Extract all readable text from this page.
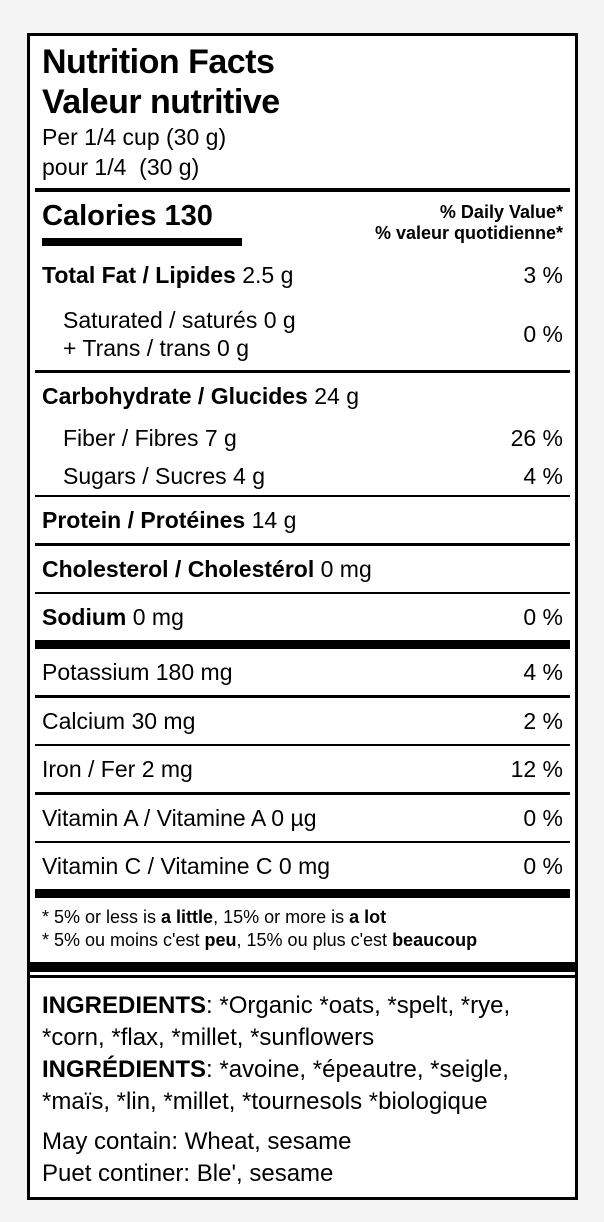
Nutrition Facts
Valeur nutritive
Per 1/4 cup (30 g)
pour 1/4  (30 g)
Calories 130	% Daily Value*
% valeur quotidienne*
Total Fat / Lipides 2.5 g	3 %
Saturated / saturés 0 g
+ Trans / trans 0 g
0 %
Carbohydrate / Glucides 24 g
Fiber / Fibres 7 g	26 %
Sugars / Sucres 4 g	4 %
Protein / Protéines 14 g
Cholesterol / Cholestérol 0 mg
Sodium 0 mg	0 %
Potassium 180 mg	4 %
Calcium 30 mg	2 %
Iron / Fer 2 mg	12 %
Vitamin A / Vitamine A 0 µg	0 %
Vitamin C / Vitamine C 0 mg	0 %
* 5% or less is a little, 15% or more is a lot
* 5% ou moins c'est peu, 15% ou plus c'est beaucoup

INGREDIENTS: *Organic *oats, *spelt, *rye, *corn, *flax, *millet, *sunflowers

INGRÉDIENTS: *avoine, *épeautre, *seigle, *maïs, *lin, *millet, *tournesols *biologique

May contain: Wheat, sesame

Puet continer: Ble', sesame
